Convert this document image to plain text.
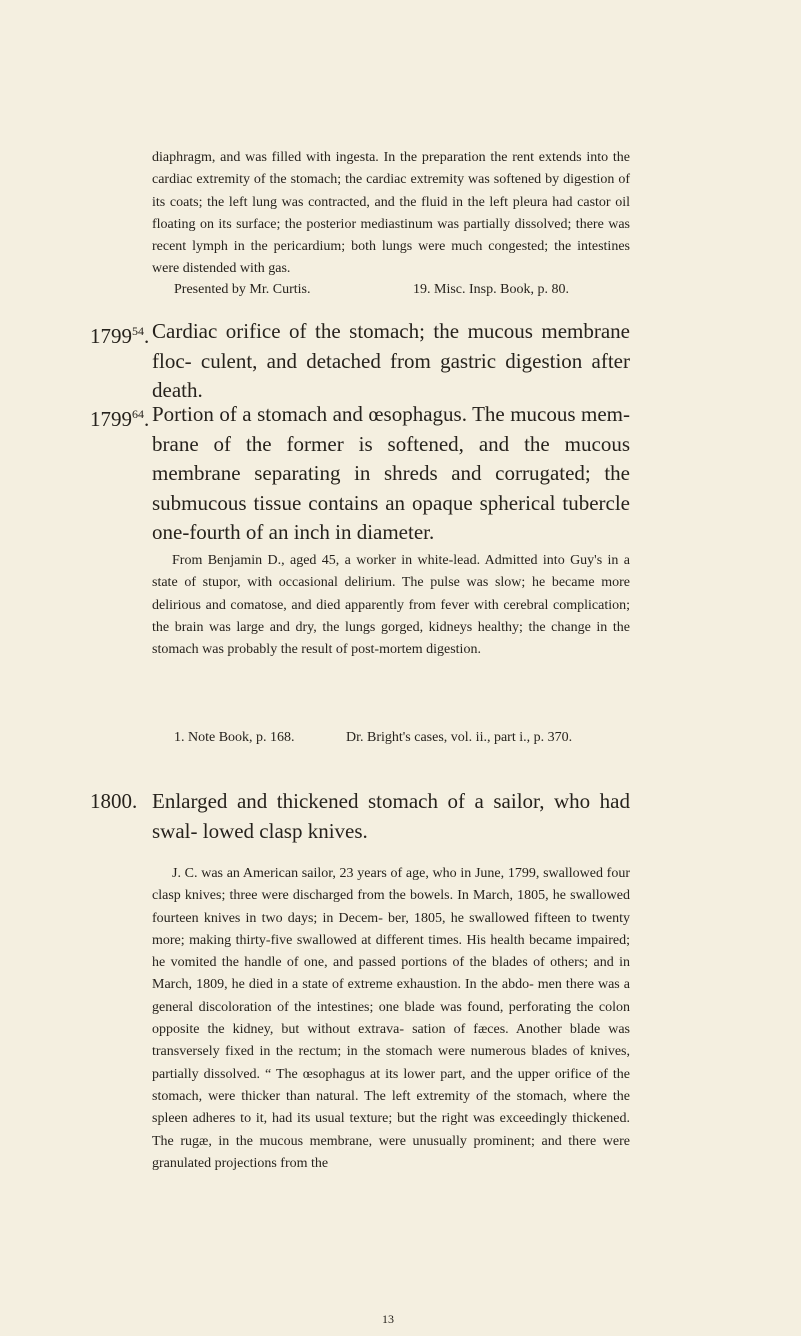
diaphragm, and was filled with ingesta. In the preparation the rent extends into the cardiac extremity of the stomach; the cardiac extremity was softened by digestion of its coats; the left lung was contracted, and the fluid in the left pleura had castor oil floating on its surface; the posterior mediastinum was partially dissolved; there was recent lymph in the pericardium; both lungs were much congested; the intestines were distended with gas.

Presented by Mr. Curtis.	19. Misc. Insp. Book, p. 80.
1799$^{54}$. Cardiac orifice of the stomach; the mucous membrane floc- culent, and detached from gastric digestion after death.
1799$^{64}$. Portion of a stomach and œsophagus. The mucous mem- brane of the former is softened, and the mucous membrane separating in shreds and corrugated; the submucous tissue contains an opaque spherical tubercle one-fourth of an inch in diameter.

From Benjamin D., aged 45, a worker in white-lead. Admitted into Guy's in a state of stupor, with occasional delirium. The pulse was slow; he became more delirious and comatose, and died apparently from fever with cerebral complication; the brain was large and dry, the lungs gorged, kidneys healthy; the change in the stomach was probably the result of post-mortem digestion.

1. Note Book, p. 168.	Dr. Bright's cases, vol. ii., part i., p. 370.
1800. Enlarged and thickened stomach of a sailor, who had swal- lowed clasp knives.

J. C. was an American sailor, 23 years of age, who in June, 1799, swallowed four clasp knives; three were discharged from the bowels. In March, 1805, he swallowed fourteen knives in two days; in Decem- ber, 1805, he swallowed fifteen to twenty more; making thirty-five swallowed at different times. His health became impaired; he vomited the handle of one, and passed portions of the blades of others; and in March, 1809, he died in a state of extreme exhaustion. In the abdo- men there was a general discoloration of the intestines; one blade was found, perforating the colon opposite the kidney, but without extrava- sation of fæces. Another blade was transversely fixed in the rectum; in the stomach were numerous blades of knives, partially dissolved. “ The œsophagus at its lower part, and the upper orifice of the stomach, were thicker than natural. The left extremity of the stomach, where the spleen adheres to it, had its usual texture; but the right was exceedingly thickened. The rugæ, in the mucous membrane, were unusually prominent; and there were granulated projections from the

13
